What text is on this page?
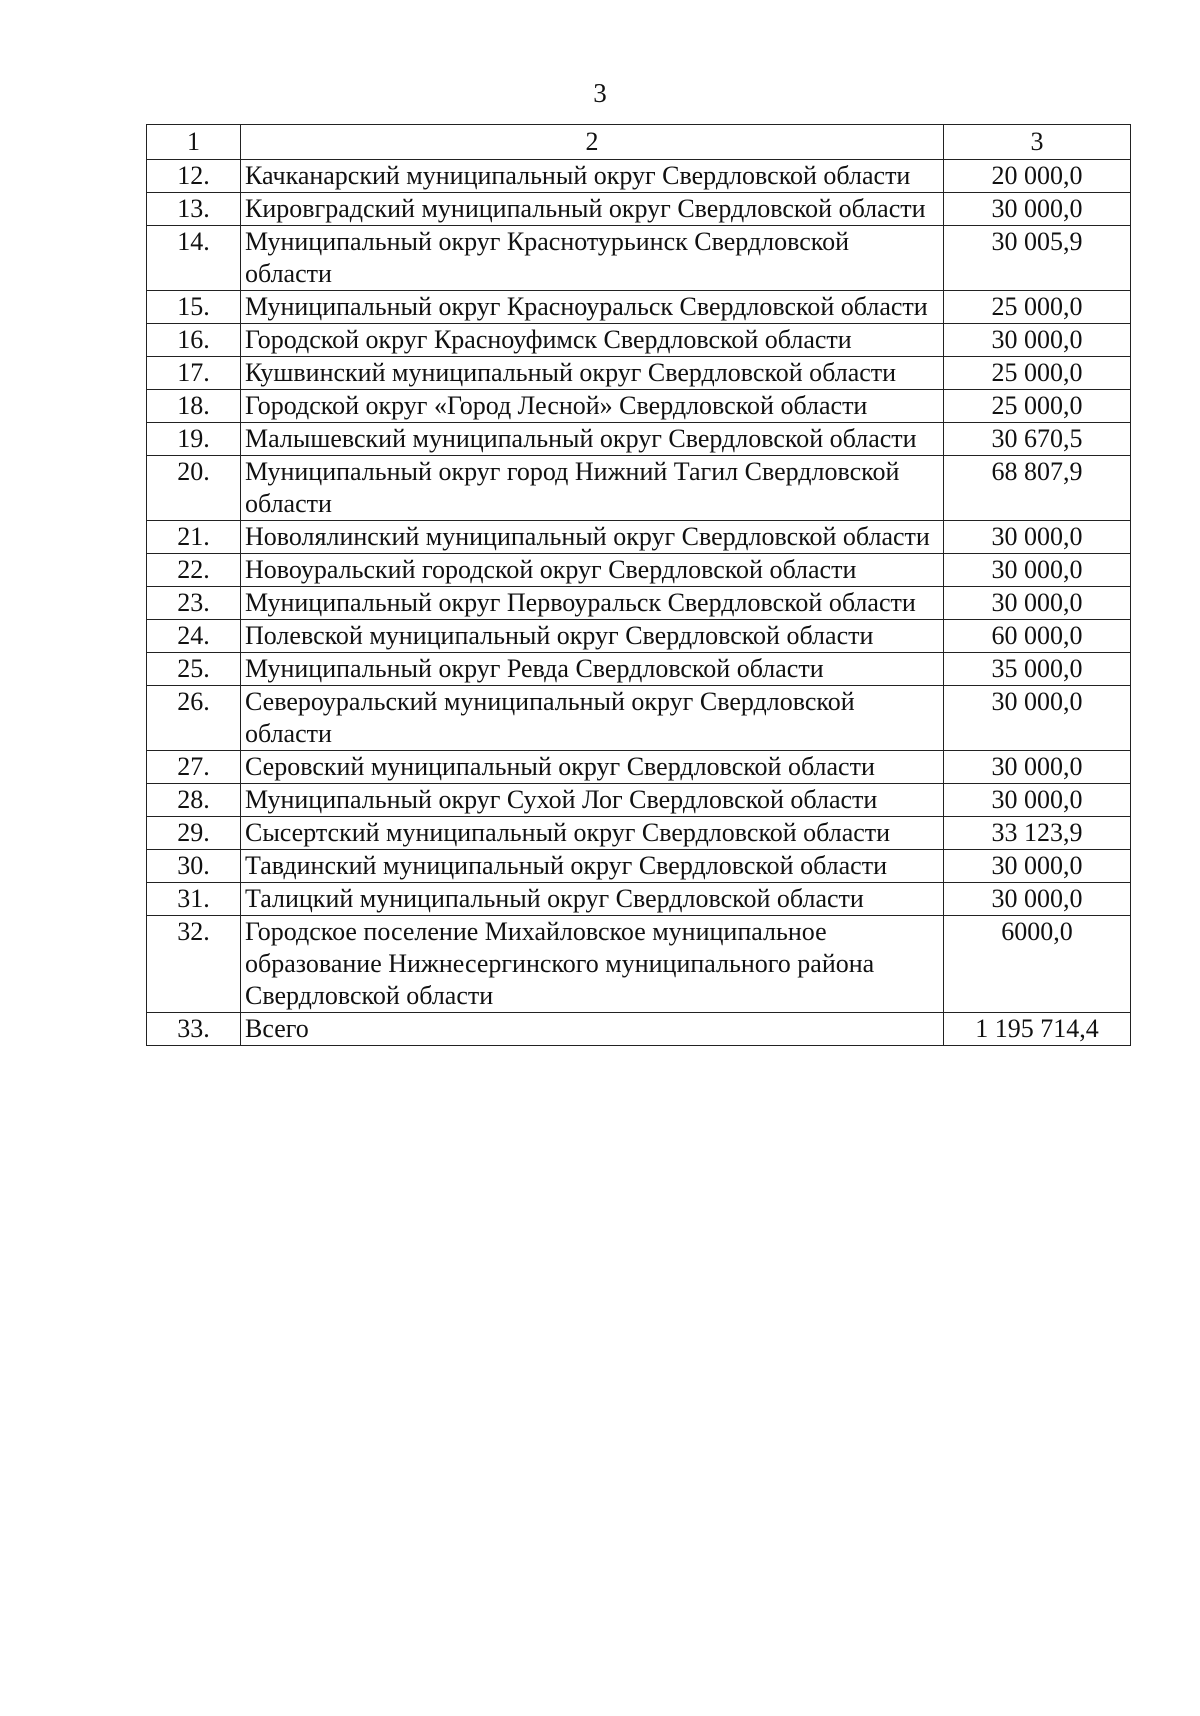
3
1	2	3
12.	Качканарский муниципальный округ Свердловской области	20 000,0
13.	Кировградский муниципальный округ Свердловской области	30 000,0
14.	Муниципальный округ Краснотурьинск Свердловской области	30 005,9
15.	Муниципальный округ Красноуральск Свердловской области	25 000,0
16.	Городской округ Красноуфимск Свердловской области	30 000,0
17.	Кушвинский муниципальный округ Свердловской области	25 000,0
18.	Городской округ «Город Лесной» Свердловской области	25 000,0
19.	Малышевский муниципальный округ Свердловской области	30 670,5
20.	Муниципальный округ город Нижний Тагил Свердловской области	68 807,9
21.	Новолялинский муниципальный округ Свердловской области	30 000,0
22.	Новоуральский городской округ Свердловской области	30 000,0
23.	Муниципальный округ Первоуральск Свердловской области	30 000,0
24.	Полевской муниципальный округ Свердловской области	60 000,0
25.	Муниципальный округ Ревда Свердловской области	35 000,0
26.	Североуральский муниципальный округ Свердловской области	30 000,0
27.	Серовский муниципальный округ Свердловской области	30 000,0
28.	Муниципальный округ Сухой Лог Свердловской области	30 000,0
29.	Сысертский муниципальный округ Свердловской области	33 123,9
30.	Тавдинский муниципальный округ Свердловской области	30 000,0
31.	Талицкий муниципальный округ Свердловской области	30 000,0
32.	Городское поселение Михайловское муниципальное образование Нижнесергинского муниципального района Свердловской области	6000,0
33.	Всего	1 195 714,4
